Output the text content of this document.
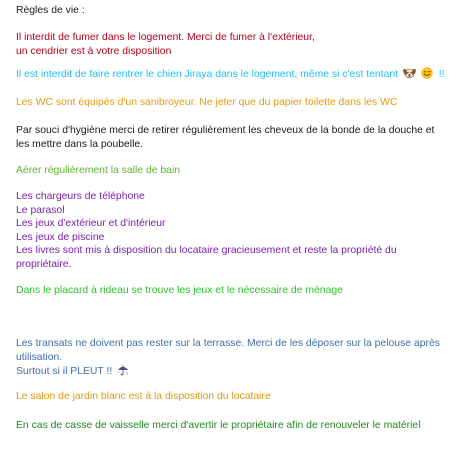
Règles de vie :

Il interdit de fumer dans le logement. Merci de fumer à l'extérieur,
un cendrier est à votre disposition

Il est interdit de faire rentrer le chien Jiraya dans le logement, même si c'est tentant
	!!

Les WC sont équipés d'un sanibroyeur. Ne jeter que du papier toilette dans les WC

Par souci d'hygiène merci de retirer régulièrement les cheveux de la bonde de la douche et
les mettre dans la poubelle.

Aérer régulièrement la salle de bain

Les chargeurs de téléphone
Le parasol
Les jeux d'extérieur et d'intérieur
Les jeux de piscine
Les livres sont mis à disposition du locataire gracieusement et reste la propriété du
propriétaire.

Dans le placard à rideau se trouve les jeux et le nécessaire de ménage

Les transats ne doivent pas rester sur la terrasse. Merci de les déposer sur la pelouse après
utilisation.
Surtout si il PLEUT !!

Le salon de jardin blanc est à la disposition du locataire

En cas de casse de vaisselle merci d'avertir le propriétaire afin de renouveler le matériel
